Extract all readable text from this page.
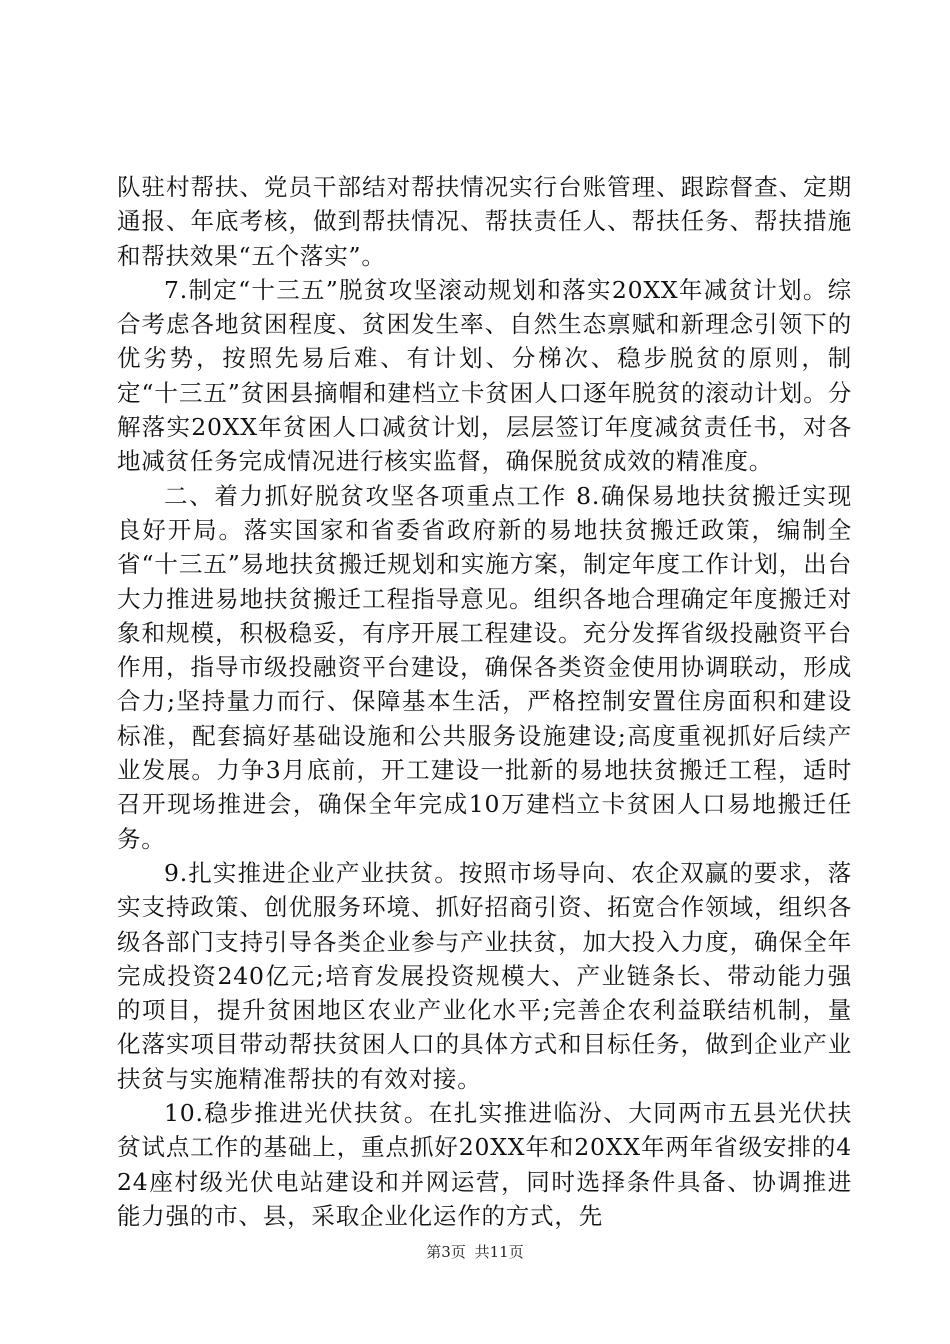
队驻村帮扶、党员干部结对帮扶情况实行台账管理、跟踪督查、定期通报、年底考核，做到帮扶情况、帮扶责任人、帮扶任务、帮扶措施和帮扶效果“五个落实”。

7.制定“十三五”脱贫攻坚滚动规划和落实20XX年减贫计划。综合考虑各地贫困程度、贫困发生率、自然生态禀赋和新理念引领下的优劣势，按照先易后难、有计划、分梯次、稳步脱贫的原则，制定“十三五”贫困县摘帽和建档立卡贫困人口逐年脱贫的滚动计划。分解落实20XX年贫困人口减贫计划，层层签订年度减贫责任书，对各地减贫任务完成情况进行核实监督，确保脱贫成效的精准度。

二、着力抓好脱贫攻坚各项重点工作 8.确保易地扶贫搬迁实现良好开局。落实国家和省委省政府新的易地扶贫搬迁政策，编制全省“十三五”易地扶贫搬迁规划和实施方案，制定年度工作计划，出台大力推进易地扶贫搬迁工程指导意见。组织各地合理确定年度搬迁对象和规模，积极稳妥，有序开展工程建设。充分发挥省级投融资平台作用，指导市级投融资平台建设，确保各类资金使用协调联动，形成合力;坚持量力而行、保障基本生活，严格控制安置住房面积和建设标准，配套搞好基础设施和公共服务设施建设;高度重视抓好后续产业发展。力争3月底前，开工建设一批新的易地扶贫搬迁工程，适时召开现场推进会，确保全年完成10万建档立卡贫困人口易地搬迁任务。

9.扎实推进企业产业扶贫。按照市场导向、农企双赢的要求，落实支持政策、创优服务环境、抓好招商引资、拓宽合作领域，组织各级各部门支持引导各类企业参与产业扶贫，加大投入力度，确保全年完成投资240亿元;培育发展投资规模大、产业链条长、带动能力强的项目，提升贫困地区农业产业化水平;完善企农利益联结机制，量化落实项目带动帮扶贫困人口的具体方式和目标任务，做到企业产业扶贫与实施精准帮扶的有效对接。

10.稳步推进光伏扶贫。在扎实推进临汾、大同两市五县光伏扶贫试点工作的基础上，重点抓好20XX年和20XX年两年省级安排的424座村级光伏电站建设和并网运营，同时选择条件具备、协调推进能力强的市、县，采取企业化运作的方式，先

第3页 共11页
